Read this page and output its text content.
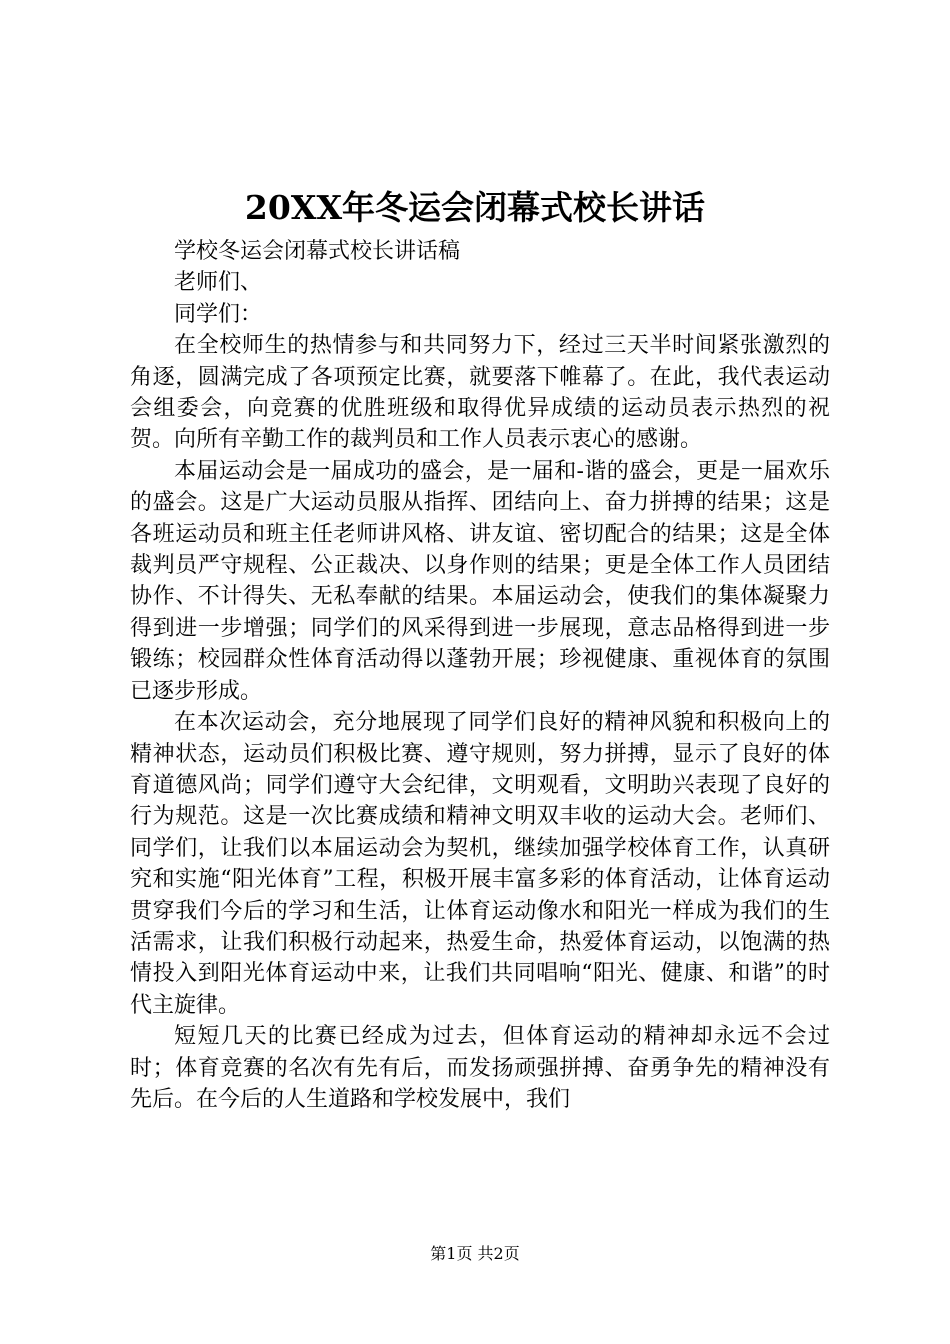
20XX年冬运会闭幕式校长讲话

学校冬运会闭幕式校长讲话稿

老师们、

同学们：

在全校师生的热情参与和共同努力下，经过三天半时间紧张激烈的角逐，圆满完成了各项预定比赛，就要落下帷幕了。在此，我代表运动会组委会，向竞赛的优胜班级和取得优异成绩的运动员表示热烈的祝贺。向所有辛勤工作的裁判员和工作人员表示衷心的感谢。

本届运动会是一届成功的盛会，是一届和-谐的盛会，更是一届欢乐的盛会。这是广大运动员服从指挥、团结向上、奋力拼搏的结果；这是各班运动员和班主任老师讲风格、讲友谊、密切配合的结果；这是全体裁判员严守规程、公正裁决、以身作则的结果；更是全体工作人员团结协作、不计得失、无私奉献的结果。本届运动会，使我们的集体凝聚力得到进一步增强；同学们的风采得到进一步展现，意志品格得到进一步锻练；校园群众性体育活动得以蓬勃开展；珍视健康、重视体育的氛围已逐步形成。

在本次运动会，充分地展现了同学们良好的精神风貌和积极向上的精神状态，运动员们积极比赛、遵守规则，努力拼搏，显示了良好的体育道德风尚；同学们遵守大会纪律，文明观看，文明助兴表现了良好的行为规范。这是一次比赛成绩和精神文明双丰收的运动大会。老师们、同学们，让我们以本届运动会为契机，继续加强学校体育工作，认真研究和实施“阳光体育”工程，积极开展丰富多彩的体育活动，让体育运动贯穿我们今后的学习和生活，让体育运动像水和阳光一样成为我们的生活需求，让我们积极行动起来，热爱生命，热爱体育运动，以饱满的热情投入到阳光体育运动中来，让我们共同唱响“阳光、健康、和谐”的时代主旋律。

短短几天的比赛已经成为过去，但体育运动的精神却永远不会过时；体育竞赛的名次有先有后，而发扬顽强拼搏、奋勇争先的精神没有先后。在今后的人生道路和学校发展中，我们

第1页 共2页
